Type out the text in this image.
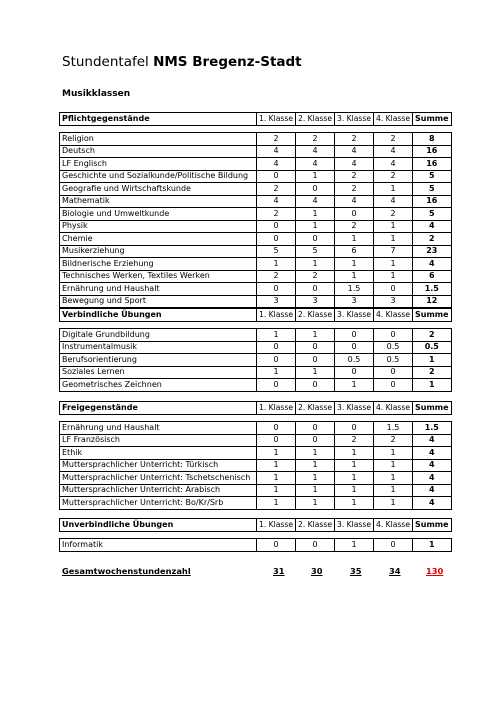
Stundentafel NMS Bregenz-Stadt
Musikklassen
Pflichtgegenstände	1. Klasse	2. Klasse	3. Klasse	4. Klasse	Summe

Religion	2	2	2	2	8
Deutsch	4	4	4	4	16
LF Englisch	4	4	4	4	16
Geschichte und Sozialkunde/Politische Bildung	0	1	2	2	5
Geografie und Wirtschaftskunde	2	0	2	1	5
Mathematik	4	4	4	4	16
Biologie und Umweltkunde	2	1	0	2	5
Physik	0	1	2	1	4
Chemie	0	0	1	1	2
Musikerziehung	5	5	6	7	23
Bildnerische Erziehung	1	1	1	1	4
Technisches Werken, Textiles Werken	2	2	1	1	6
Ernährung und Haushalt	0	0	1.5	0	1.5
Bewegung und Sport	3	3	3	3	12
Verbindliche Übungen	1. Klasse	2. Klasse	3. Klasse	4. Klasse	Summe

Digitale Grundbildung	1	1	0	0	2
Instrumentalmusik	0	0	0	0.5	0.5
Berufsorientierung	0	0	0.5	0.5	1
Soziales Lernen	1	1	0	0	2
Geometrisches Zeichnen	0	0	1	0	1
Freigegenstände	1. Klasse	2. Klasse	3. Klasse	4. Klasse	Summe

Ernährung und Haushalt	0	0	0	1.5	1.5
LF Französisch	0	0	2	2	4
Ethik	1	1	1	1	4
Muttersprachlicher Unterricht: Türkisch	1	1	1	1	4
Muttersprachlicher Unterricht: Tschetschenisch	1	1	1	1	4
Muttersprachlicher Unterricht: Arabisch	1	1	1	1	4
Muttersprachlicher Unterricht: Bo/Kr/Srb	1	1	1	1	4
Unverbindliche Übungen	1. Klasse	2. Klasse	3. Klasse	4. Klasse	Summe

Informatik	0	0	1	0	1
Gesamtwochenstundenzahl	31	30	35	34	130
